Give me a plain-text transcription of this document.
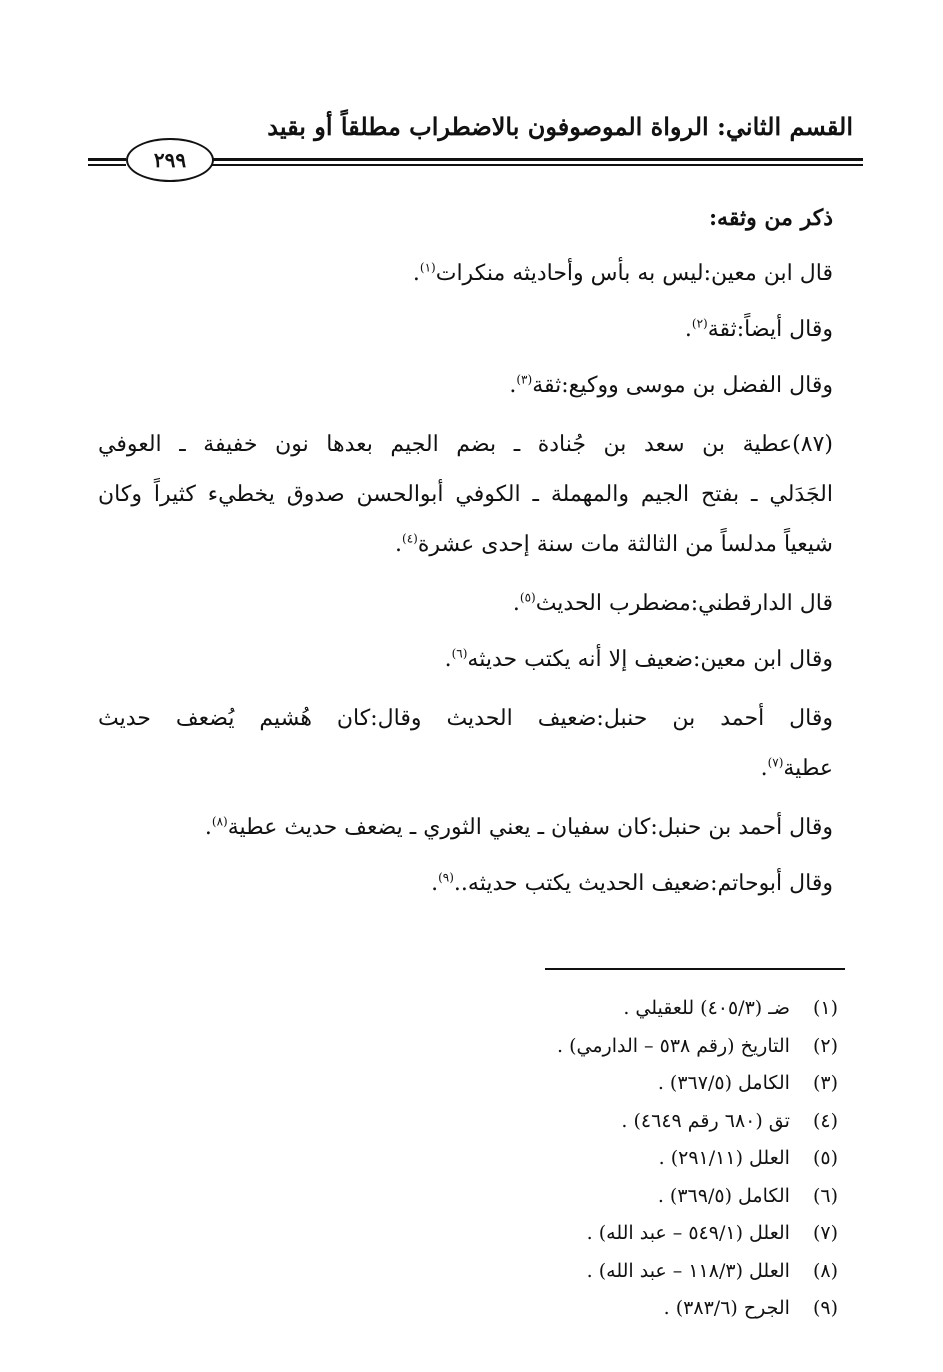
القسم الثاني: الرواة الموصوفون بالاضطراب مطلقاً أو بقيد
٢٩٩

ذكر من وثقه:

قال ابن معين:ليس به بأس وأحاديثه منكرات$^{(١)}$.

وقال أيضاً:ثقة$^{(٢)}$.

وقال الفضل بن موسى ووكيع:ثقة$^{(٣)}$.

(٨٧)عطية بن سعد بن جُنادة ـ بضم الجيم بعدها نون خفيفة ـ العوفي

الجَدَلي ـ بفتح الجيم والمهملة ـ الكوفي أبوالحسن صدوق يخطيء كثيراً وكان

شيعياً مدلساً من الثالثة مات سنة إحدى عشرة$^{(٤)}$.

قال الدارقطني:مضطرب الحديث$^{(٥)}$.

وقال ابن معين:ضعيف إلا أنه يكتب حديثه$^{(٦)}$.

وقال أحمد بن حنبل:ضعيف الحديث وقال:كان هُشيم يُضعف حديث

عطية$^{(٧)}$.

وقال أحمد بن حنبل:كان سفيان ـ يعني الثوري ـ يضعف حديث عطية$^{(٨)}$.

وقال أبوحاتم:ضعيف الحديث يكتب حديثه..$^{(٩)}$.

(١) ضـ (٤٠٥/٣) للعقيلي .

(٢) التاريخ (رقم ٥٣٨ – الدارمي) .

(٣) الكامل (٣٦٧/٥) .

(٤) تق (٦٨٠ رقم ٤٦٤٩) .

(٥) العلل (٢٩١/١١) .

(٦) الكامل (٣٦٩/٥) .

(٧) العلل (٥٤٩/١ – عبد الله) .

(٨) العلل (١١٨/٣ – عبد الله) .

(٩) الجرح (٣٨٣/٦) .
